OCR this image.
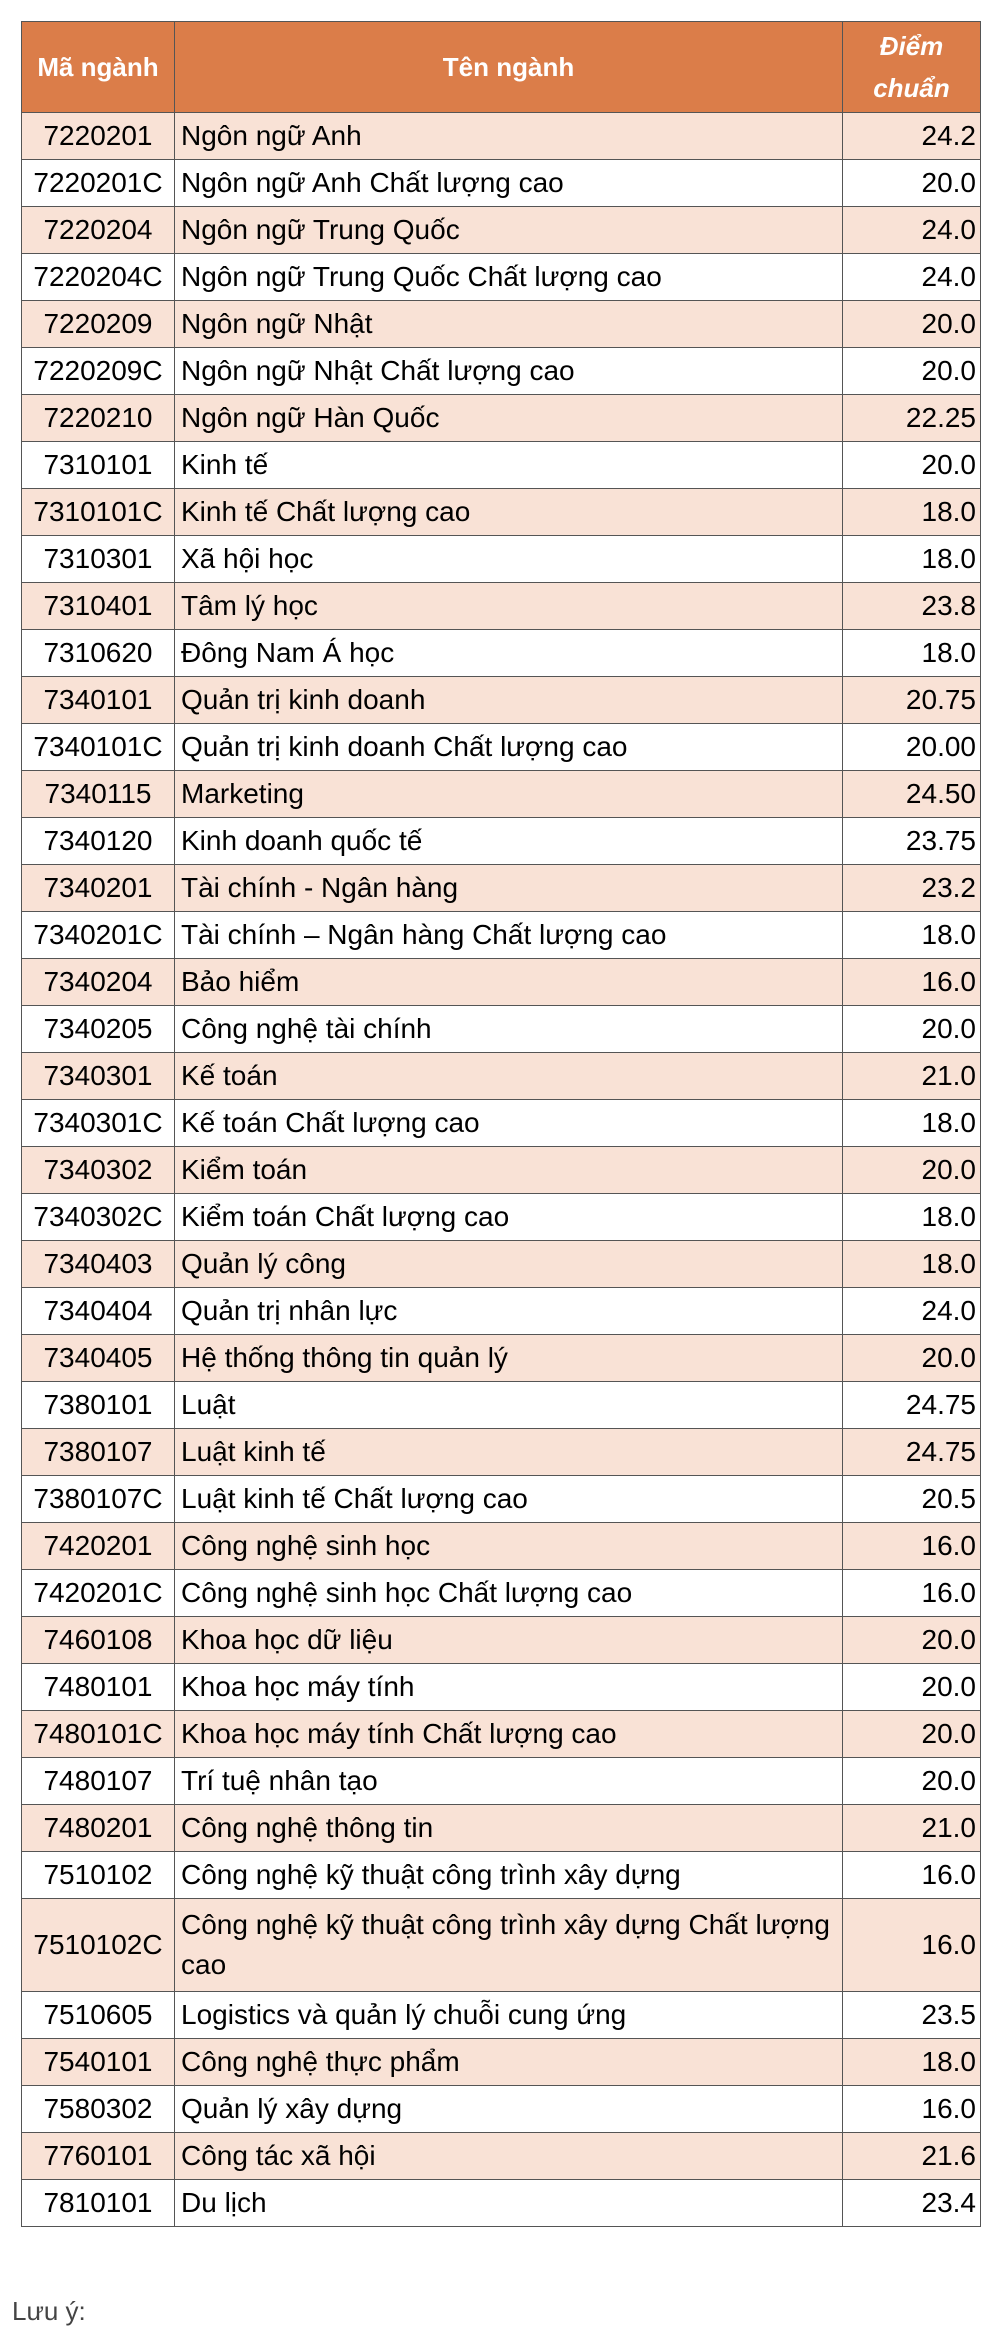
Mã ngành	Tên ngành	Điểm
chuẩn
7220201	Ngôn ngữ Anh	24.2
7220201C	Ngôn ngữ Anh Chất lượng cao	20.0
7220204	Ngôn ngữ Trung Quốc	24.0
7220204C	Ngôn ngữ Trung Quốc Chất lượng cao	24.0
7220209	Ngôn ngữ Nhật	20.0
7220209C	Ngôn ngữ Nhật Chất lượng cao	20.0
7220210	Ngôn ngữ Hàn Quốc	22.25
7310101	Kinh tế	20.0
7310101C	Kinh tế Chất lượng cao	18.0
7310301	Xã hội học	18.0
7310401	Tâm lý học	23.8
7310620	Đông Nam Á học	18.0
7340101	Quản trị kinh doanh	20.75
7340101C	Quản trị kinh doanh Chất lượng cao	20.00
7340115	Marketing	24.50
7340120	Kinh doanh quốc tế	23.75
7340201	Tài chính - Ngân hàng	23.2
7340201C	Tài chính – Ngân hàng Chất lượng cao	18.0
7340204	Bảo hiểm	16.0
7340205	Công nghệ tài chính	20.0
7340301	Kế toán	21.0
7340301C	Kế toán Chất lượng cao	18.0
7340302	Kiểm toán	20.0
7340302C	Kiểm toán Chất lượng cao	18.0
7340403	Quản lý công	18.0
7340404	Quản trị nhân lực	24.0
7340405	Hệ thống thông tin quản lý	20.0
7380101	Luật	24.75
7380107	Luật kinh tế	24.75
7380107C	Luật kinh tế Chất lượng cao	20.5
7420201	Công nghệ sinh học	16.0
7420201C	Công nghệ sinh học Chất lượng cao	16.0
7460108	Khoa học dữ liệu	20.0
7480101	Khoa học máy tính	20.0
7480101C	Khoa học máy tính Chất lượng cao	20.0
7480107	Trí tuệ nhân tạo	20.0
7480201	Công nghệ thông tin	21.0
7510102	Công nghệ kỹ thuật công trình xây dựng	16.0
7510102C	Công nghệ kỹ thuật công trình xây dựng Chất lượng cao	16.0
7510605	Logistics và quản lý chuỗi cung ứng	23.5
7540101	Công nghệ thực phẩm	18.0
7580302	Quản lý xây dựng	16.0
7760101	Công tác xã hội	21.6
7810101	Du lịch	23.4
Lưu ý:
